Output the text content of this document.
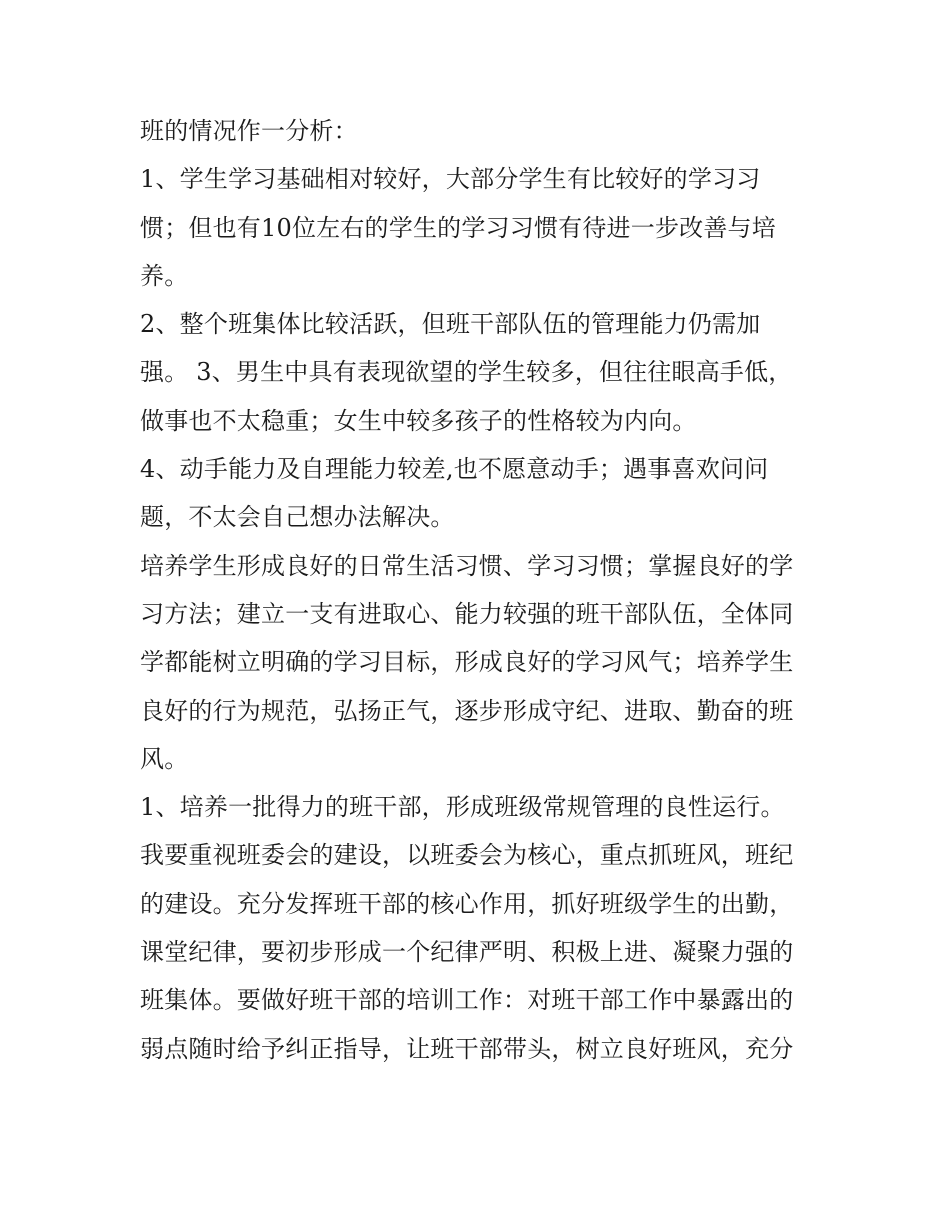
班的情况作一分析：
1、学生学习基础相对较好，大部分学生有比较好的学习习
惯；但也有10位左右的学生的学习习惯有待进一步改善与培
养。
2、整个班集体比较活跃，但班干部队伍的管理能力仍需加
强。 3、男生中具有表现欲望的学生较多，但往往眼高手低，
做事也不太稳重；女生中较多孩子的性格较为内向。
4、动手能力及自理能力较差,也不愿意动手；遇事喜欢问问
题，不太会自己想办法解决。
培养学生形成良好的日常生活习惯、学习习惯；掌握良好的学
习方法；建立一支有进取心、能力较强的班干部队伍，全体同
学都能树立明确的学习目标，形成良好的学习风气；培养学生
良好的行为规范，弘扬正气，逐步形成守纪、进取、勤奋的班
风。
1、培养一批得力的班干部，形成班级常规管理的良性运行。
我要重视班委会的建设，以班委会为核心，重点抓班风，班纪
的建设。充分发挥班干部的核心作用，抓好班级学生的出勤，
课堂纪律，要初步形成一个纪律严明、积极上进、凝聚力强的
班集体。要做好班干部的培训工作：对班干部工作中暴露出的
弱点随时给予纠正指导，让班干部带头，树立良好班风，充分
